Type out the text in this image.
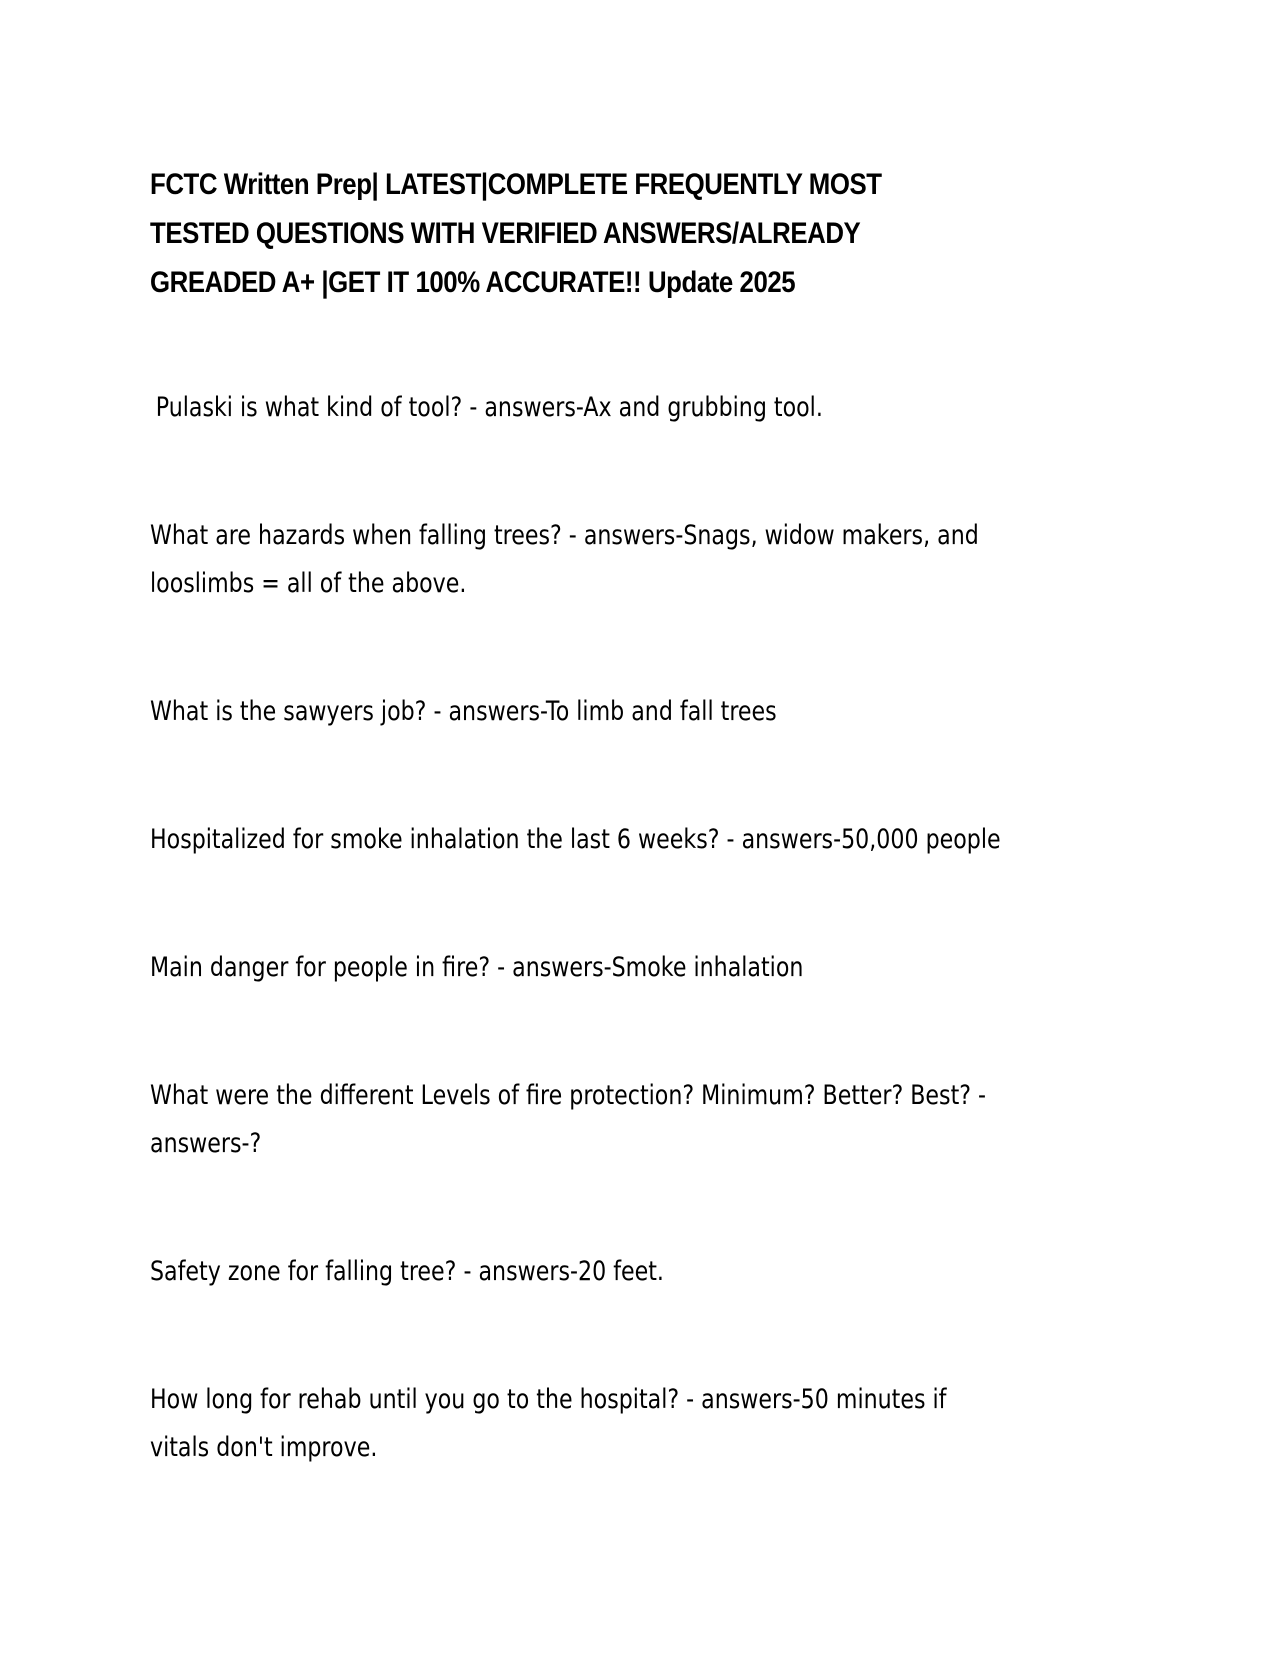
FCTC Written Prep| LATEST|COMPLETE FREQUENTLY MOST TESTED QUESTIONS WITH VERIFIED ANSWERS/ALREADY GREADED A+ |GET IT 100% ACCURATE!! Update 2025

Pulaski is what kind of tool? - answers-Ax and grubbing tool.

What are hazards when falling trees? - answers-Snags, widow makers, and looslimbs = all of the above.

What is the sawyers job? - answers-To limb and fall trees

Hospitalized for smoke inhalation the last 6 weeks? - answers-50,000 people

Main danger for people in fire? - answers-Smoke inhalation

What were the different Levels of fire protection? Minimum? Better? Best? - answers-?

Safety zone for falling tree? - answers-20 feet.

How long for rehab until you go to the hospital? - answers-50 minutes if vitals don't improve.
